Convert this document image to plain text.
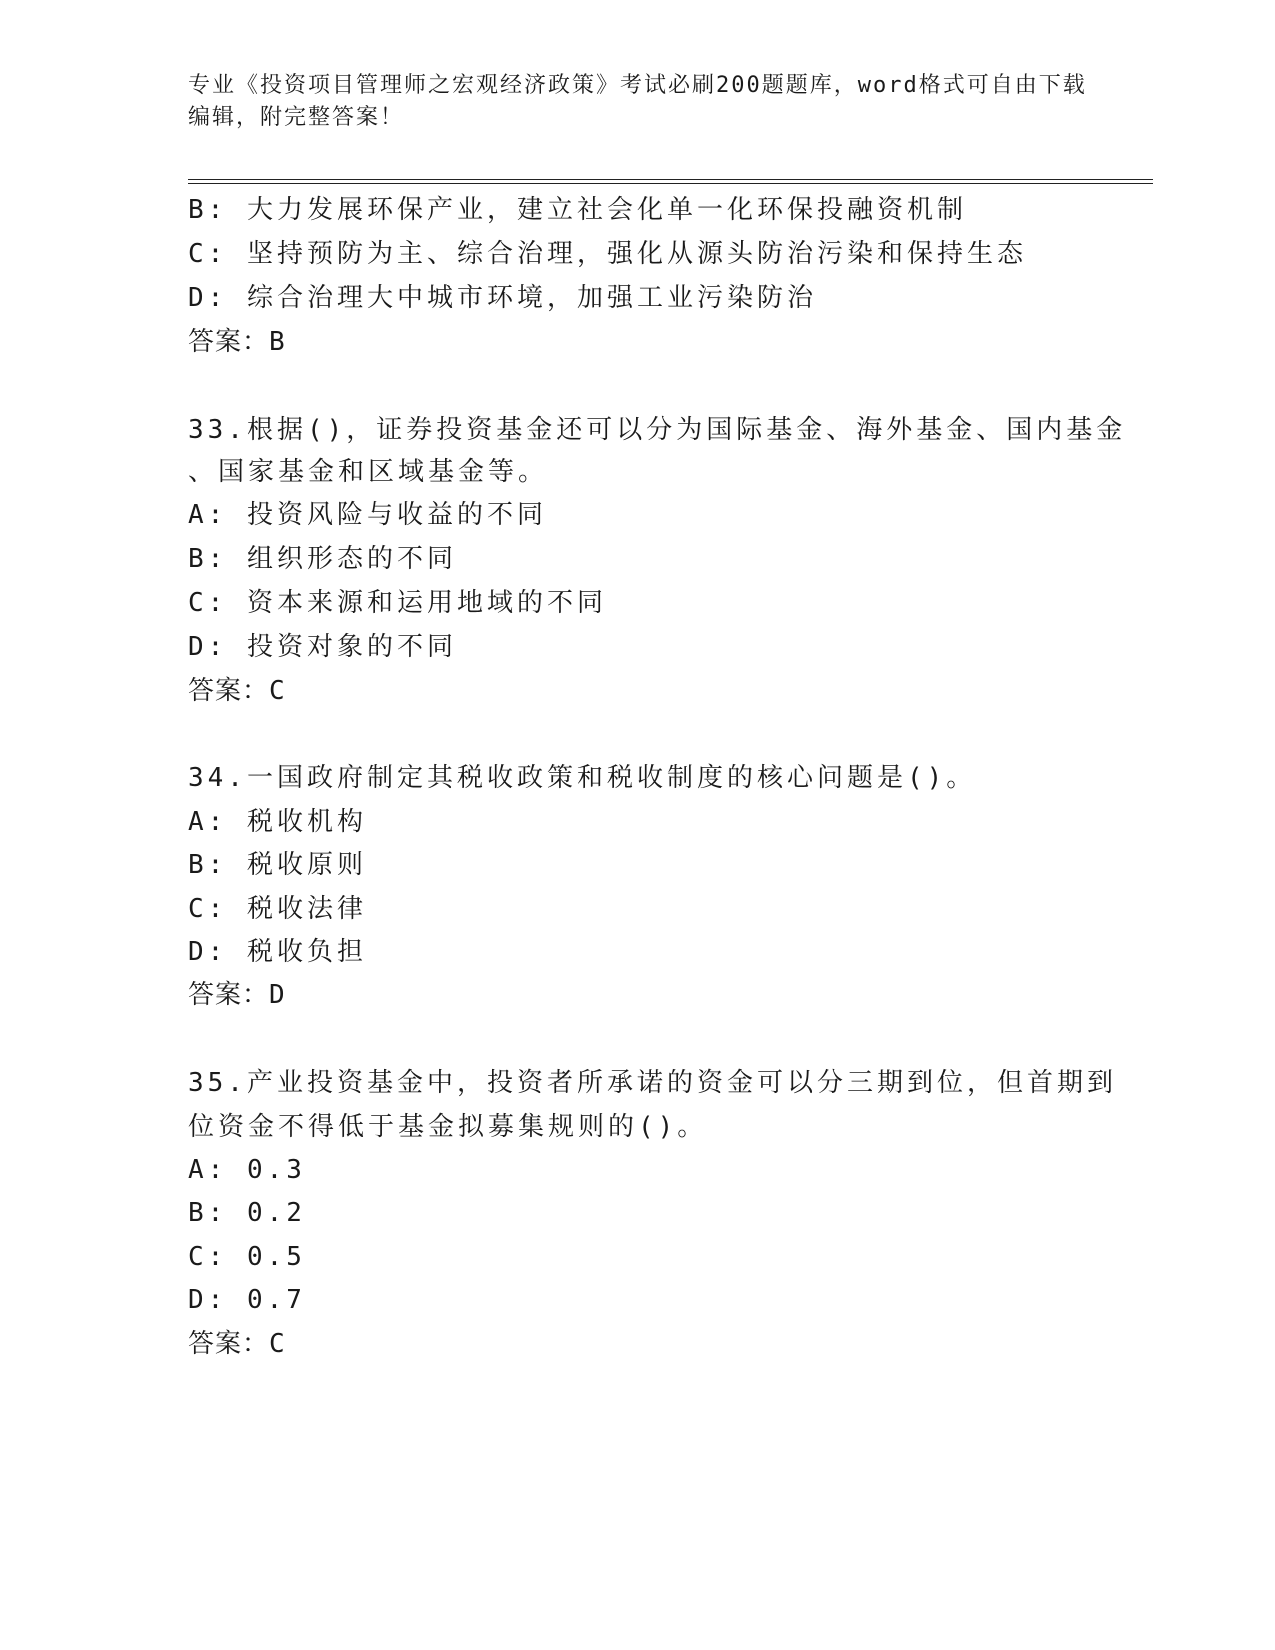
专业《投资项目管理师之宏观经济政策》考试必刷200题题库，word格式可自由下载编辑，附完整答案！
B: 大力发展环保产业，建立社会化单一化环保投融资机制
C: 坚持预防为主、综合治理，强化从源头防治污染和保持生态
D: 综合治理大中城市环境，加强工业污染防治
答案：B
33.根据()，证券投资基金还可以分为国际基金、海外基金、国内基金
、国家基金和区域基金等。
A: 投资风险与收益的不同
B: 组织形态的不同
C: 资本来源和运用地域的不同
D: 投资对象的不同
答案：C
34.一国政府制定其税收政策和税收制度的核心问题是()。
A: 税收机构
B: 税收原则
C: 税收法律
D: 税收负担
答案：D
35.产业投资基金中，投资者所承诺的资金可以分三期到位，但首期到
位资金不得低于基金拟募集规则的()。
A: 0.3
B: 0.2
C: 0.5
D: 0.7
答案：C
